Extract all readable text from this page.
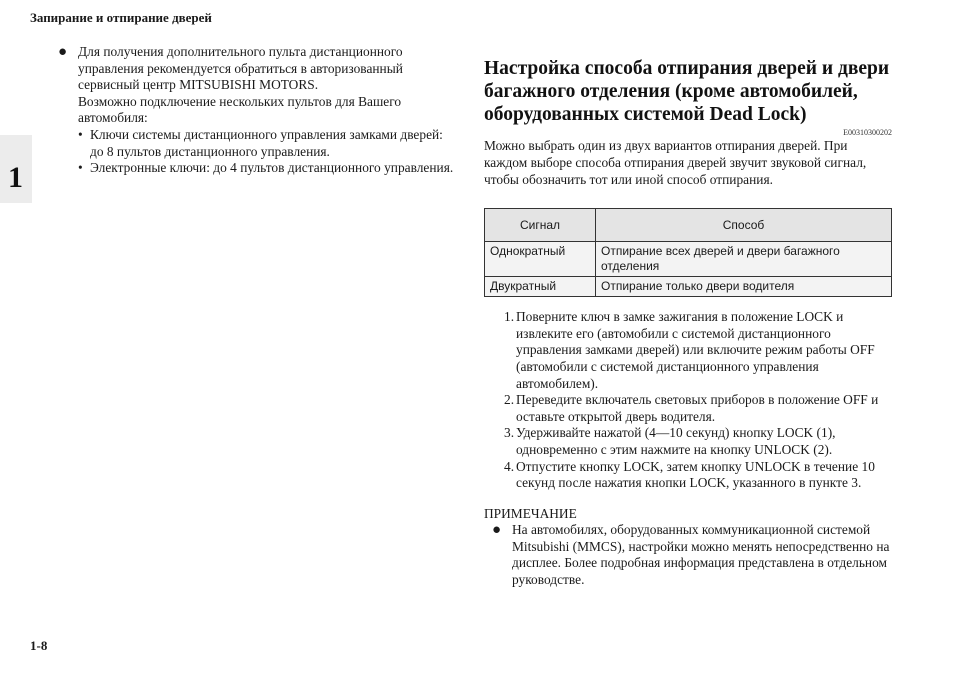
Запирание и отпирание дверей
1
● Для получения дополнительного пульта дистанционного управления рекомендуется обратиться в авторизованный сервисный центр MITSUBISHI MOTORS.
Возможно подключение нескольких пультов для Вашего автомобиля:
• Ключи системы дистанционного управления замками дверей: до 8 пультов дистанционного управления.
• Электронные ключи: до 4 пультов дистанционного управления.
Настройка способа отпирания дверей и двери багажного отделения (кроме автомобилей, оборудованных системой Dead Lock)
E00310300202
Можно выбрать один из двух вариантов отпирания дверей. При каждом выборе способа отпирания дверей звучит звуковой сигнал, чтобы обозначить тот или иной способ отпирания.
Сигнал	Способ
Однократный	Отпирание всех дверей и двери багажного отделения
Двукратный	Отпирание только двери водителя
1. Поверните ключ в замке зажигания в положение LOCK и извлеките его (автомобили с системой дистанционного управления замками дверей) или включите режим работы OFF (автомобили с системой дистанционного управления автомобилем).
2. Переведите включатель световых приборов в положение OFF и оставьте открытой дверь водителя.
3. Удерживайте нажатой (4—10 секунд) кнопку LOCK (1), одновременно с этим нажмите на кнопку UNLOCK (2).
4. Отпустите кнопку LOCK, затем кнопку UNLOCK в течение 10 секунд после нажатия кнопки LOCK, указанного в пункте 3.
ПРИМЕЧАНИЕ
● На автомобилях, оборудованных коммуникационной системой Mitsubishi (MMCS), настройки можно менять непосредственно на дисплее. Более подробная информация представлена в отдельном руководстве.
1-8
